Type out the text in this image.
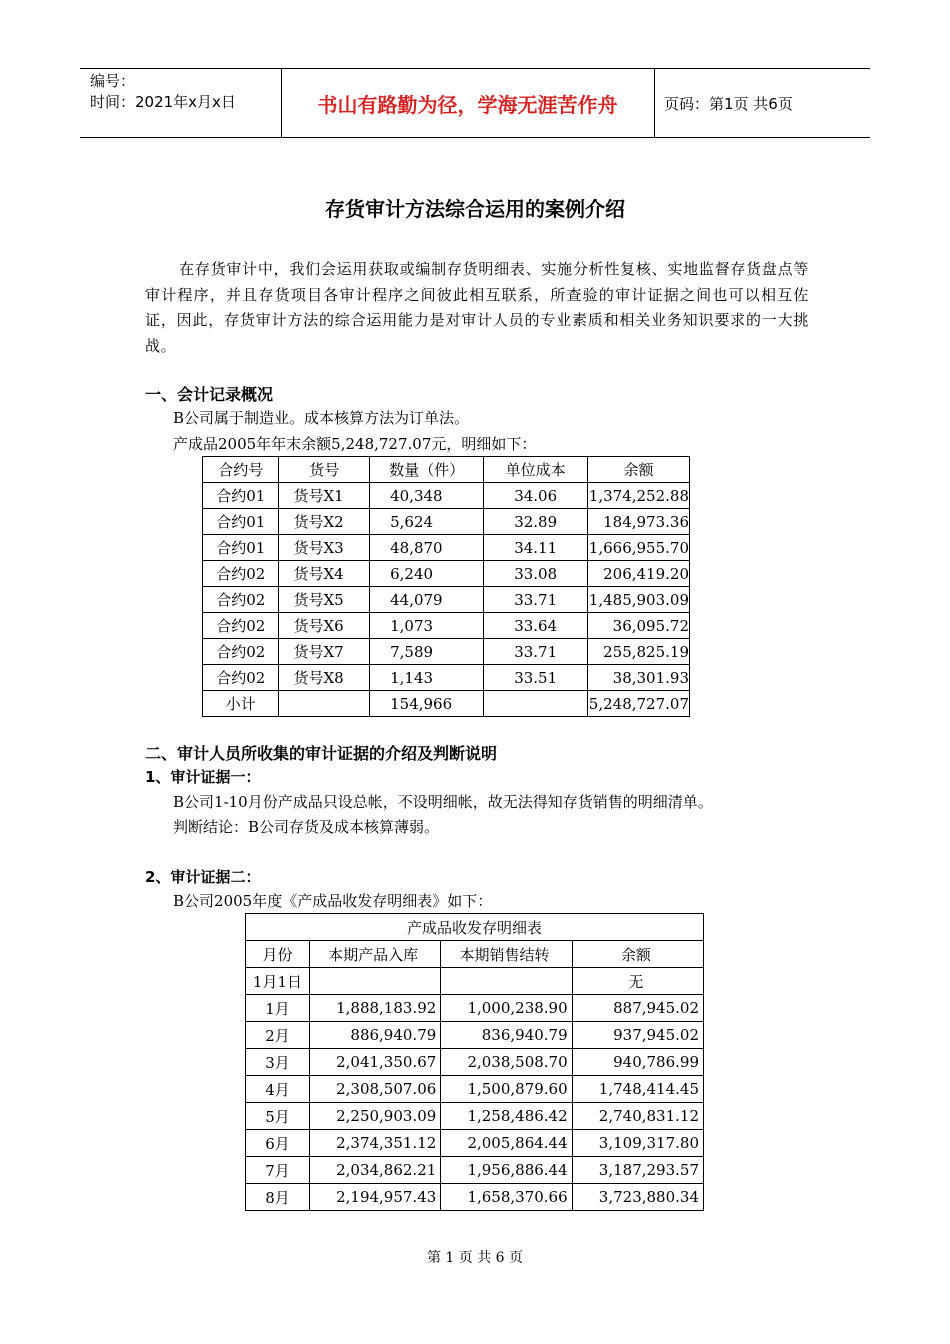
编号：
时间：2021年x月x日	书山有路勤为径，学海无涯苦作舟	页码：第1页 共6页
存货审计方法综合运用的案例介绍
在存货审计中，我们会运用获取或编制存货明细表、实施分析性复核、实地监督存货盘点等审计程序，并且存货项目各审计程序之间彼此相互联系，所查验的审计证据之间也可以相互佐证，因此，存货审计方法的综合运用能力是对审计人员的专业素质和相关业务知识要求的一大挑战。
一、会计记录概况
B公司属于制造业。成本核算方法为订单法。
产成品2005年年末余额5,248,727.07元，明细如下：
合约号	货号	数量（件）	单位成本	余额
合约01	货号X1	40,348	34.06	1,374,252.88
合约01	货号X2	5,624	32.89	184,973.36
合约01	货号X3	48,870	34.11	1,666,955.70
合约02	货号X4	6,240	33.08	206,419.20
合约02	货号X5	44,079	33.71	1,485,903.09
合约02	货号X6	1,073	33.64	36,095.72
合约02	货号X7	7,589	33.71	255,825.19
合约02	货号X8	1,143	33.51	38,301.93
小计		154,966		5,248,727.07
二、审计人员所收集的审计证据的介绍及判断说明
1、审计证据一：
B公司1-10月份产成品只设总帐，不设明细帐，故无法得知存货销售的明细清单。
判断结论：B公司存货及成本核算薄弱。
2、审计证据二：
B公司2005年度《产成品收发存明细表》如下：
产成品收发存明细表			
月份	本期产品入库	本期销售结转	余额
1月1日			无
1月	1,888,183.92	1,000,238.90	887,945.02
2月	886,940.79	836,940.79	937,945.02
3月	2,041,350.67	2,038,508.70	940,786.99
4月	2,308,507.06	1,500,879.60	1,748,414.45
5月	2,250,903.09	1,258,486.42	2,740,831.12
6月	2,374,351.12	2,005,864.44	3,109,317.80
7月	2,034,862.21	1,956,886.44	3,187,293.57
8月	2,194,957.43	1,658,370.66	3,723,880.34
第 1 页 共 6 页
